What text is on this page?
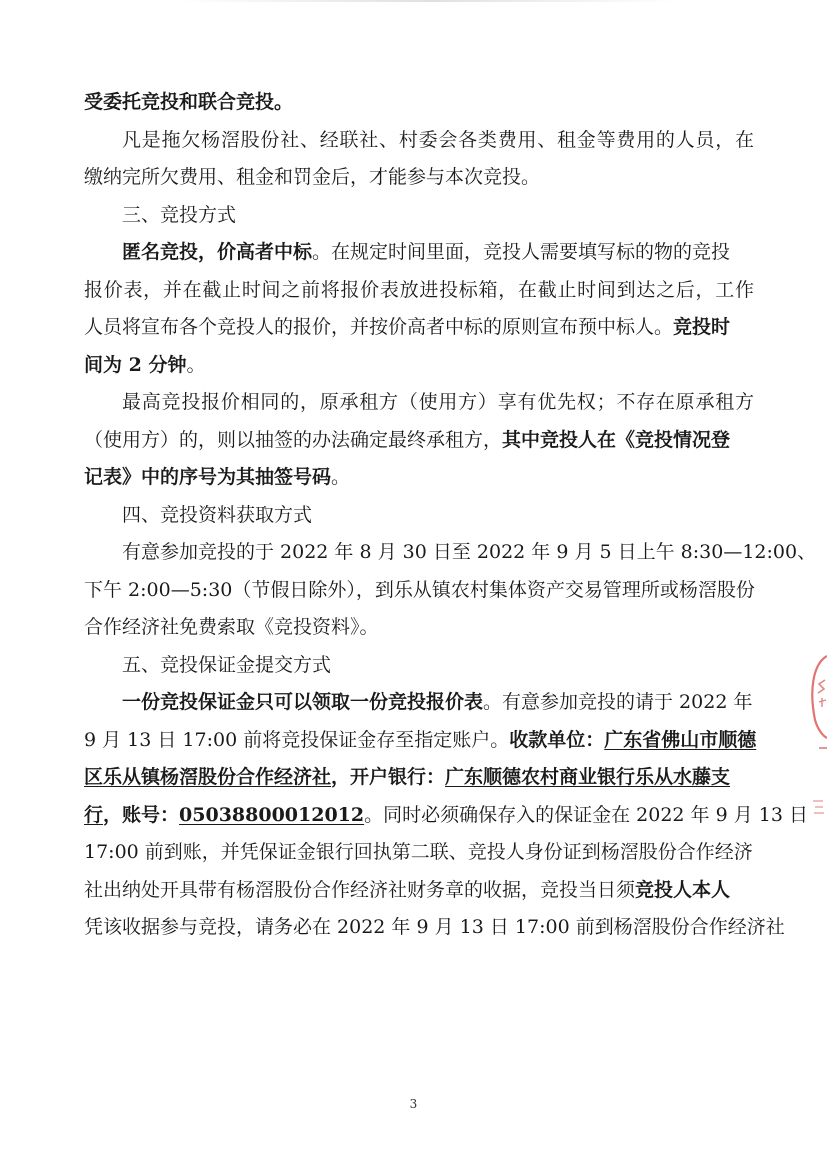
受委托竞投和联合竞投。
凡是拖欠杨滘股份社、经联社、村委会各类费用、租金等费用的人员，在
缴纳完所欠费用、租金和罚金后，才能参与本次竞投。
三、竞投方式
匿名竞投，价高者中标。在规定时间里面，竞投人需要填写标的物的竞投
报价表，并在截止时间之前将报价表放进投标箱，在截止时间到达之后，工作
人员将宣布各个竞投人的报价，并按价高者中标的原则宣布预中标人。竞投时
间为 2 分钟。
最高竞投报价相同的，原承租方（使用方）享有优先权；不存在原承租方
（使用方）的，则以抽签的办法确定最终承租方，其中竞投人在《竞投情况登
记表》中的序号为其抽签号码。
四、竞投资料获取方式
有意参加竞投的于 2022 年 8 月 30 日至 2022 年 9 月 5 日上午 8:30—12:00、
下午 2:00—5:30（节假日除外），到乐从镇农村集体资产交易管理所或杨滘股份
合作经济社免费索取《竞投资料》。
五、竞投保证金提交方式
一份竞投保证金只可以领取一份竞投报价表。有意参加竞投的请于 2022 年
9 月 13 日 17:00 前将竞投保证金存至指定账户。收款单位：广东省佛山市顺德
区乐从镇杨滘股份合作经济社，开户银行：广东顺德农村商业银行乐从水藤支
行，账号：05038800012012。同时必须确保存入的保证金在 2022 年 9 月 13 日
17:00 前到账，并凭保证金银行回执第二联、竞投人身份证到杨滘股份合作经济
社出纳处开具带有杨滘股份合作经济社财务章的收据，竞投当日须竞投人本人
凭该收据参与竞投，请务必在 2022 年 9 月 13 日 17:00 前到杨滘股份合作经济社
3
